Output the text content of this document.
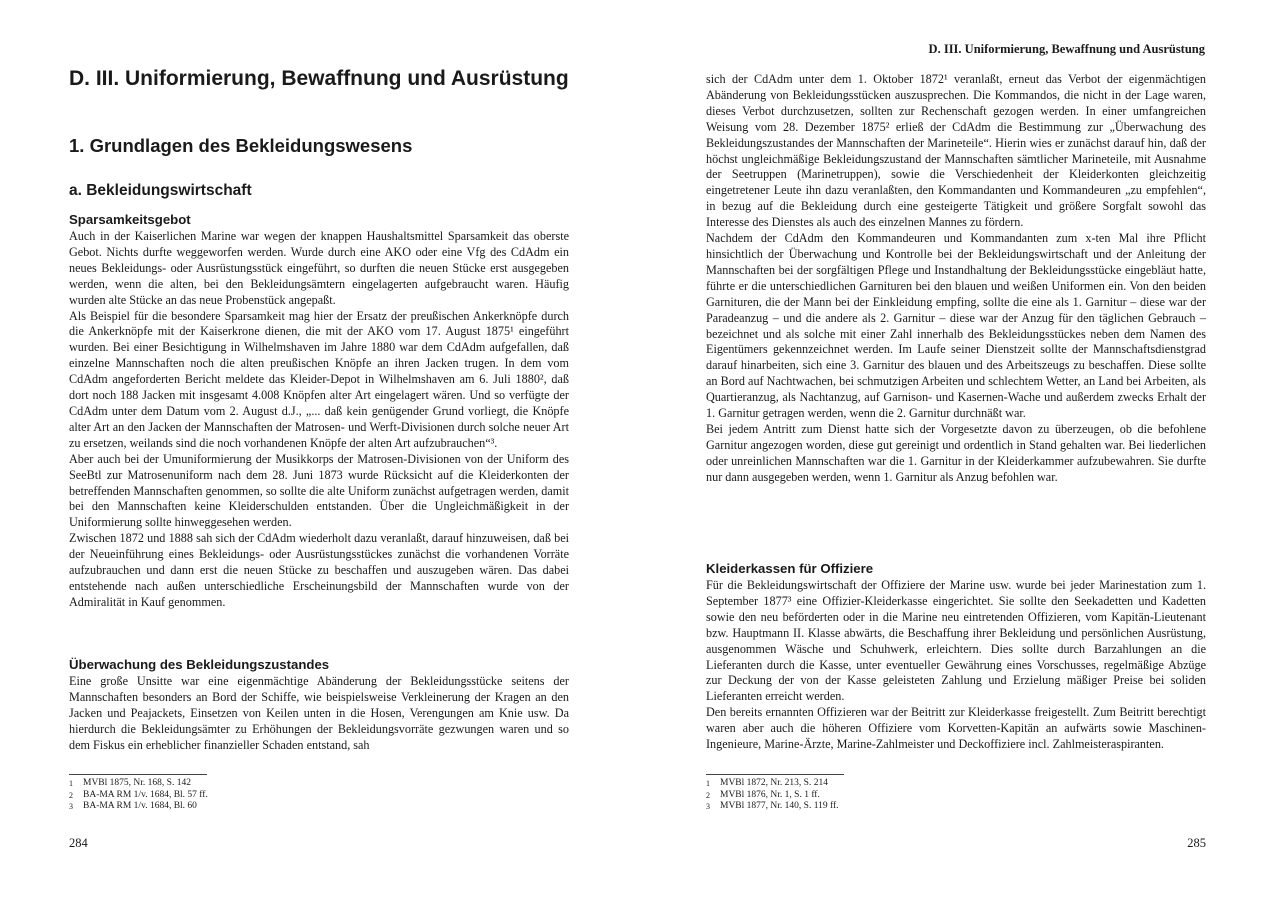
D. III. Uniformierung, Bewaffnung und Ausrüstung
1. Grundlagen des Bekleidungswesens
a. Bekleidungswirtschaft
Sparsamkeitsgebot

Auch in der Kaiserlichen Marine war wegen der knappen Haushaltsmittel Sparsamkeit das oberste Gebot. Nichts durfte weggeworfen werden. Wurde durch eine AKO oder eine Vfg des CdAdm ein neues Bekleidungs- oder Ausrüstungsstück eingeführt, so durften die neuen Stücke erst ausgegeben werden, wenn die alten, bei den Bekleidungsämtern eingelagerten aufgebraucht waren. Häufig wurden alte Stücke an das neue Probenstück angepaßt.

Als Beispiel für die besondere Sparsamkeit mag hier der Ersatz der preußischen Ankerknöpfe durch die Ankerknöpfe mit der Kaiserkrone dienen, die mit der AKO vom 17. August 1875¹ eingeführt wurden. Bei einer Besichtigung in Wilhelmshaven im Jahre 1880 war dem CdAdm aufgefallen, daß einzelne Mannschaften noch die alten preußischen Knöpfe an ihren Jacken trugen. In dem vom CdAdm angeforderten Bericht meldete das Kleider-Depot in Wilhelmshaven am 6. Juli 1880², daß dort noch 188 Jacken mit insgesamt 4.008 Knöpfen alter Art eingelagert wären. Und so verfügte der CdAdm unter dem Datum vom 2. August d.J., „... daß kein genügender Grund vorliegt, die Knöpfe alter Art an den Jacken der Mannschaften der Matrosen- und Werft-Divisionen durch solche neuer Art zu ersetzen, weilands sind die noch vorhandenen Knöpfe der alten Art aufzubrauchen“³.

Aber auch bei der Umuniformierung der Musikkorps der Matrosen-Divisionen von der Uniform des SeeBtl zur Matrosenuniform nach dem 28. Juni 1873 wurde Rücksicht auf die Kleiderkonten der betreffenden Mannschaften genommen, so sollte die alte Uniform zunächst aufgetragen werden, damit bei den Mannschaften keine Kleiderschulden entstanden. Über die Ungleichmäßigkeit in der Uniformierung sollte hinweggesehen werden.

Zwischen 1872 und 1888 sah sich der CdAdm wiederholt dazu veranlaßt, darauf hinzuweisen, daß bei der Neueinführung eines Bekleidungs- oder Ausrüstungsstückes zunächst die vorhandenen Vorräte aufzubrauchen und dann erst die neuen Stücke zu beschaffen und auszugeben wären. Das dabei entstehende nach außen unterschiedliche Erscheinungsbild der Mannschaften wurde von der Admiralität in Kauf genommen.

Überwachung des Bekleidungszustandes

Eine große Unsitte war eine eigenmächtige Abänderung der Bekleidungsstücke seitens der Mannschaften besonders an Bord der Schiffe, wie beispielsweise Verkleinerung der Kragen an den Jacken und Peajackets, Einsetzen von Keilen unten in die Hosen, Verengungen am Knie usw. Da hierdurch die Bekleidungsämter zu Erhöhungen der Bekleidungsvorräte gezwungen waren und so dem Fiskus ein erheblicher finanzieller Schaden entstand, sah

1	MVBl 1875, Nr. 168, S. 142
2	BA-MA RM 1/v. 1684, Bl. 57 ff.
3	BA-MA RM 1/v. 1684, Bl. 60
284
D. III. Uniformierung, Bewaffnung und Ausrüstung

sich der CdAdm unter dem 1. Oktober 1872¹ veranlaßt, erneut das Verbot der eigenmächtigen Abänderung von Bekleidungsstücken auszusprechen. Die Kommandos, die nicht in der Lage waren, dieses Verbot durchzusetzen, sollten zur Rechenschaft gezogen werden. In einer umfangreichen Weisung vom 28. Dezember 1875² erließ der CdAdm die Bestimmung zur „Überwachung des Bekleidungszustandes der Mannschaften der Marineteile“. Hierin wies er zunächst darauf hin, daß der höchst ungleichmäßige Bekleidungszustand der Mannschaften sämtlicher Marineteile, mit Ausnahme der Seetruppen (Marinetruppen), sowie die Verschiedenheit der Kleiderkonten gleichzeitig eingetretener Leute ihn dazu veranlaßten, den Kommandanten und Kommandeuren „zu empfehlen“, in bezug auf die Bekleidung durch eine gesteigerte Tätigkeit und größere Sorgfalt sowohl das Interesse des Dienstes als auch des einzelnen Mannes zu fördern.

Nachdem der CdAdm den Kommandeuren und Kommandanten zum x-ten Mal ihre Pflicht hinsichtlich der Überwachung und Kontrolle bei der Bekleidungswirtschaft und der Anleitung der Mannschaften bei der sorgfältigen Pflege und Instandhaltung der Bekleidungsstücke eingebläut hatte, führte er die unterschiedlichen Garnituren bei den blauen und weißen Uniformen ein. Von den beiden Garnituren, die der Mann bei der Einkleidung empfing, sollte die eine als 1. Garnitur – diese war der Paradeanzug – und die andere als 2. Garnitur – diese war der Anzug für den täglichen Gebrauch – bezeichnet und als solche mit einer Zahl innerhalb des Bekleidungsstückes neben dem Namen des Eigentümers gekennzeichnet werden. Im Laufe seiner Dienstzeit sollte der Mannschaftsdienstgrad darauf hinarbeiten, sich eine 3. Garnitur des blauen und des Arbeitszeugs zu beschaffen. Diese sollte an Bord auf Nachtwachen, bei schmutzigen Arbeiten und schlechtem Wetter, an Land bei Arbeiten, als Quartieranzug, als Nachtanzug, auf Garnison- und Kasernen-Wache und außerdem zwecks Erhalt der 1. Garnitur getragen werden, wenn die 2. Garnitur durchnäßt war.

Bei jedem Antritt zum Dienst hatte sich der Vorgesetzte davon zu überzeugen, ob die befohlene Garnitur angezogen worden, diese gut gereinigt und ordentlich in Stand gehalten war. Bei liederlichen oder unreinlichen Mannschaften war die 1. Garnitur in der Kleiderkammer aufzubewahren. Sie durfte nur dann ausgegeben werden, wenn 1. Garnitur als Anzug befohlen war.

Kleiderkassen für Offiziere

Für die Bekleidungswirtschaft der Offiziere der Marine usw. wurde bei jeder Marinestation zum 1. September 1877³ eine Offizier-Kleiderkasse eingerichtet. Sie sollte den Seekadetten und Kadetten sowie den neu beförderten oder in die Marine neu eintretenden Offizieren, vom Kapitän-Lieutenant bzw. Hauptmann II. Klasse abwärts, die Beschaffung ihrer Bekleidung und persönlichen Ausrüstung, ausgenommen Wäsche und Schuhwerk, erleichtern. Dies sollte durch Barzahlungen an die Lieferanten durch die Kasse, unter eventueller Gewährung eines Vorschusses, regelmäßige Abzüge zur Deckung der von der Kasse geleisteten Zahlung und Erzielung mäßiger Preise bei soliden Lieferanten erreicht werden.

Den bereits ernannten Offizieren war der Beitritt zur Kleiderkasse freigestellt. Zum Beitritt berechtigt waren aber auch die höheren Offiziere vom Korvetten-Kapitän an aufwärts sowie Maschinen-Ingenieure, Marine-Ärzte, Marine-Zahlmeister und Deckoffiziere incl. Zahlmeisteraspiranten.

1	MVBl 1872, Nr. 213, S. 214
2	MVBl 1876, Nr. 1, S. 1 ff.
3	MVBl 1877, Nr. 140, S. 119 ff.
285
